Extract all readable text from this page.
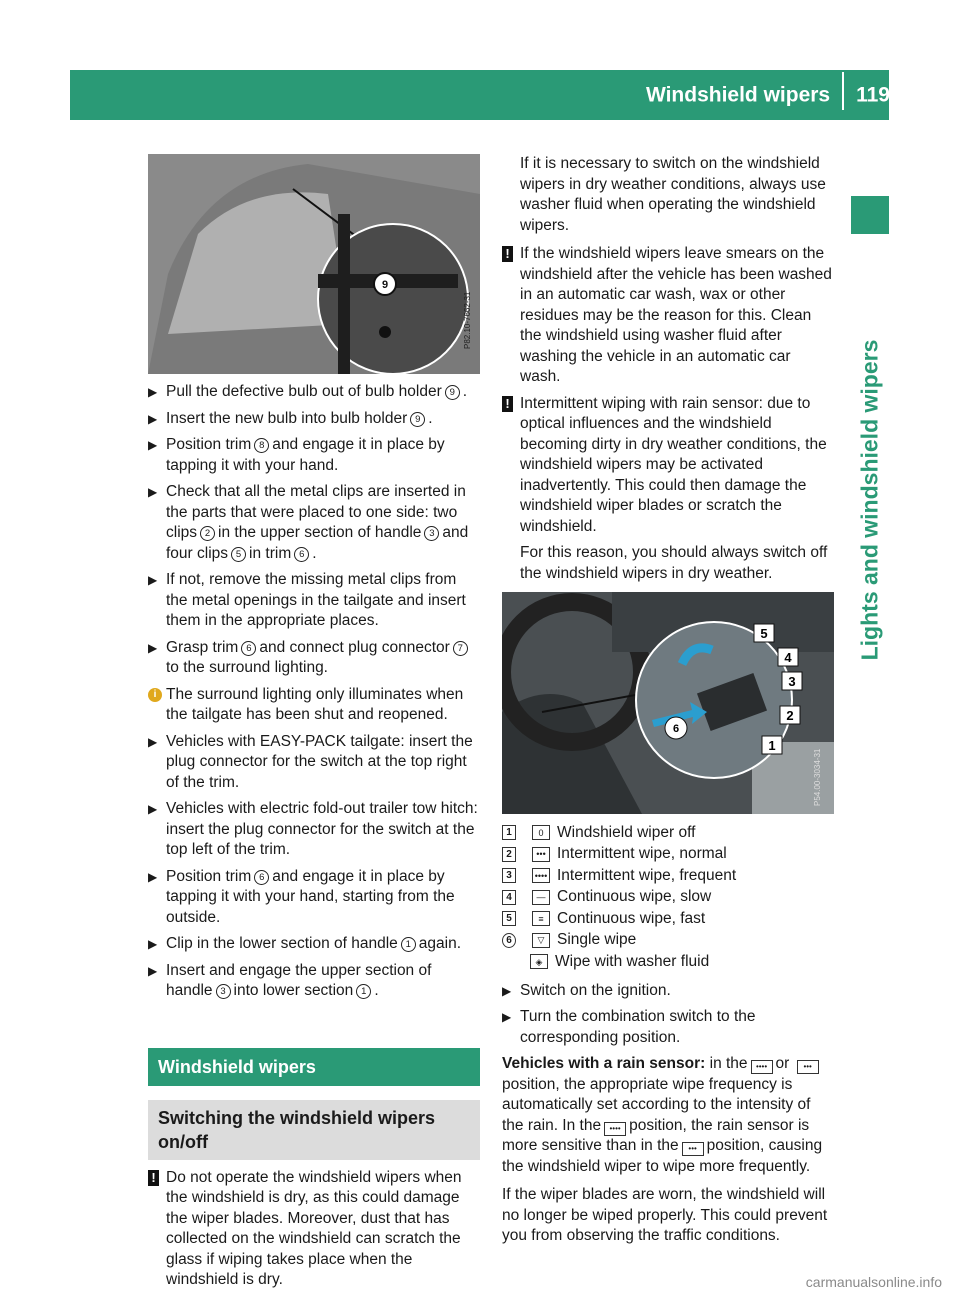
Windshield wipers 119
Lights and windshield wipers
9
P82.10-7662-31
▶ Pull the defective bulb out of bulb holder 9 .
▶ Insert the new bulb into bulb holder 9 .
▶ Position trim 8 and engage it in place by tapping it with your hand.
▶ Check that all the metal clips are inserted in the parts that were placed to one side: two clips 2 in the upper section of handle 3 and four clips 5 in trim 6 .
▶ If not, remove the missing metal clips from the metal openings in the tailgate and insert them in the appropriate places.
▶ Grasp trim 6 and connect plug connector 7to the surround lighting.
i The surround lighting only illuminates when the tailgate has been shut and reopened.
▶ Vehicles with EASY-PACK tailgate: insert the plug connector for the switch at the top right of the trim.
▶ Vehicles with electric fold-out trailer tow hitch: insert the plug connector for the switch at the top left of the trim.
▶ Position trim 6 and engage it in place by tapping it with your hand, starting from the outside.
▶ Clip in the lower section of handle 1 again.
▶ Insert and engage the upper section of handle 3 into lower section 1 .
Windshield wipers
Switching the windshield wipers on/off
! Do not operate the windshield wipers when the windshield is dry, as this could damage the wiper blades. Moreover, dust that has collected on the windshield can scratch the glass if wiping takes place when the windshield is dry.

If it is necessary to switch on the windshield wipers in dry weather conditions, always use washer fluid when operating the windshield wipers.

! If the windshield wipers leave smears on the windshield after the vehicle has been washed in an automatic car wash, wax or other residues may be the reason for this. Clean the windshield using washer fluid after washing the vehicle in an automatic car wash.
! Intermittent wiping with rain sensor: due to optical influences and the windshield becoming dirty in dry weather conditions, the windshield wipers may be activated inadvertently. This could then damage the windshield wiper blades or scratch the windshield.

For this reason, you should always switch off the windshield wipers in dry weather.

5
4
3
2
1
6
P54.00-3034-31
1	0 Windshield wiper off
2	••• Intermittent wipe, normal
3	•••• Intermittent wipe, frequent
4	— Continuous wipe, slow
5	≡ Continuous wipe, fast
6	▽ Single wipe
◈ Wipe with washer fluid
▶ Switch on the ignition.
▶ Turn the combination switch to the corresponding position.

Vehicles with a rain sensor: in the •••• or •••position, the appropriate wipe frequency is automatically set according to the intensity of the rain. In the •••• position, the rain sensor is more sensitive than in the ••• position, causing the windshield wiper to wipe more frequently.

If the wiper blades are worn, the windshield will no longer be wiped properly. This could prevent you from observing the traffic conditions.

carmanualsonline.info
